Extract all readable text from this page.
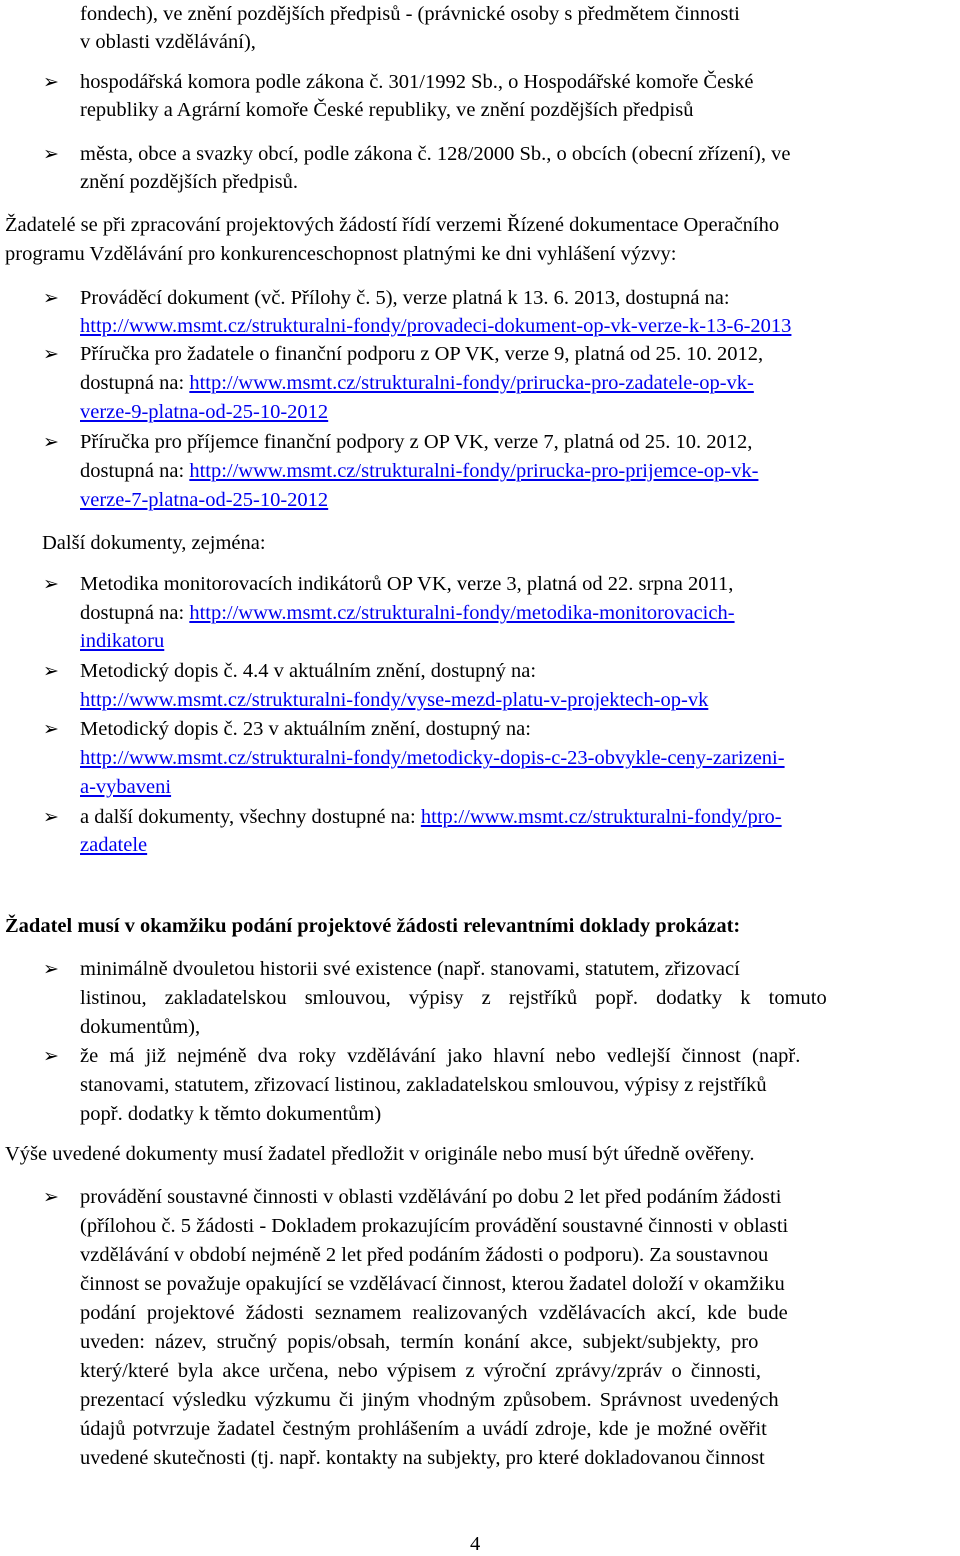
fondech), ve znění pozdějších předpisů - (právnické osoby s předmětem činnosti
v oblasti vzdělávání),
➢ hospodářská komora podle zákona č. 301/1992 Sb., o Hospodářské komoře České
republiky a Agrární komoře České republiky, ve znění pozdějších předpisů
➢ města, obce a svazky obcí, podle zákona č. 128/2000 Sb., o obcích (obecní zřízení), ve
znění pozdějších předpisů.
Žadatelé se při zpracování projektových žádostí řídí verzemi Řízené dokumentace Operačního
programu Vzdělávání pro konkurenceschopnost platnými ke dni vyhlášení výzvy:
➢ Prováděcí dokument (vč. Přílohy č. 5), verze platná k 13. 6. 2013, dostupná na:
http://www.msmt.cz/strukturalni-fondy/provadeci-dokument-op-vk-verze-k-13-6-2013
➢ Příručka pro žadatele o finanční podporu z OP VK, verze 9, platná od 25. 10. 2012,
dostupná na: http://www.msmt.cz/strukturalni-fondy/prirucka-pro-zadatele-op-vk-
verze-9-platna-od-25-10-2012
➢ Příručka pro příjemce finanční podpory z OP VK, verze 7, platná od 25. 10. 2012,
dostupná na: http://www.msmt.cz/strukturalni-fondy/prirucka-pro-prijemce-op-vk-
verze-7-platna-od-25-10-2012
Další dokumenty, zejména:
➢ Metodika monitorovacích indikátorů OP VK, verze 3, platná od 22. srpna 2011,
dostupná na: http://www.msmt.cz/strukturalni-fondy/metodika-monitorovacich-
indikatoru
➢ Metodický dopis č. 4.4 v aktuálním znění, dostupný na:
http://www.msmt.cz/strukturalni-fondy/vyse-mezd-platu-v-projektech-op-vk
➢ Metodický dopis č. 23 v aktuálním znění, dostupný na:
http://www.msmt.cz/strukturalni-fondy/metodicky-dopis-c-23-obvykle-ceny-zarizeni-
a-vybaveni
➢ a další dokumenty, všechny dostupné na: http://www.msmt.cz/strukturalni-fondy/pro-
zadatele
Žadatel musí v okamžiku podání projektové žádosti relevantními doklady prokázat:
➢ minimálně dvouletou historii své existence (např. stanovami, statutem, zřizovací
listinou, zakladatelskou smlouvou, výpisy z rejstříků popř. dodatky k tomuto
dokumentům),
➢ že má již nejméně dva roky vzdělávání jako hlavní nebo vedlejší činnost (např.
stanovami, statutem, zřizovací listinou, zakladatelskou smlouvou, výpisy z rejstříků
popř. dodatky k těmto dokumentům)
Výše uvedené dokumenty musí žadatel předložit v originále nebo musí být úředně ověřeny.
➢ provádění soustavné činnosti v oblasti vzdělávání po dobu 2 let před podáním žádosti
(přílohou č. 5 žádosti - Dokladem prokazujícím provádění soustavné činnosti v oblasti
vzdělávání v období nejméně 2 let před podáním žádosti o podporu). Za soustavnou
činnost se považuje opakující se vzdělávací činnost, kterou žadatel doloží v okamžiku
podání projektové žádosti seznamem realizovaných vzdělávacích akcí, kde bude
uveden: název, stručný popis/obsah, termín konání akce, subjekt/subjekty, pro
který/které byla akce určena, nebo výpisem z výroční zprávy/zpráv o činnosti,
prezentací výsledku výzkumu či jiným vhodným způsobem. Správnost uvedených
údajů potvrzuje žadatel čestným prohlášením a uvádí zdroje, kde je možné ověřit
uvedené skutečnosti (tj. např. kontakty na subjekty, pro které dokladovanou činnost
4
